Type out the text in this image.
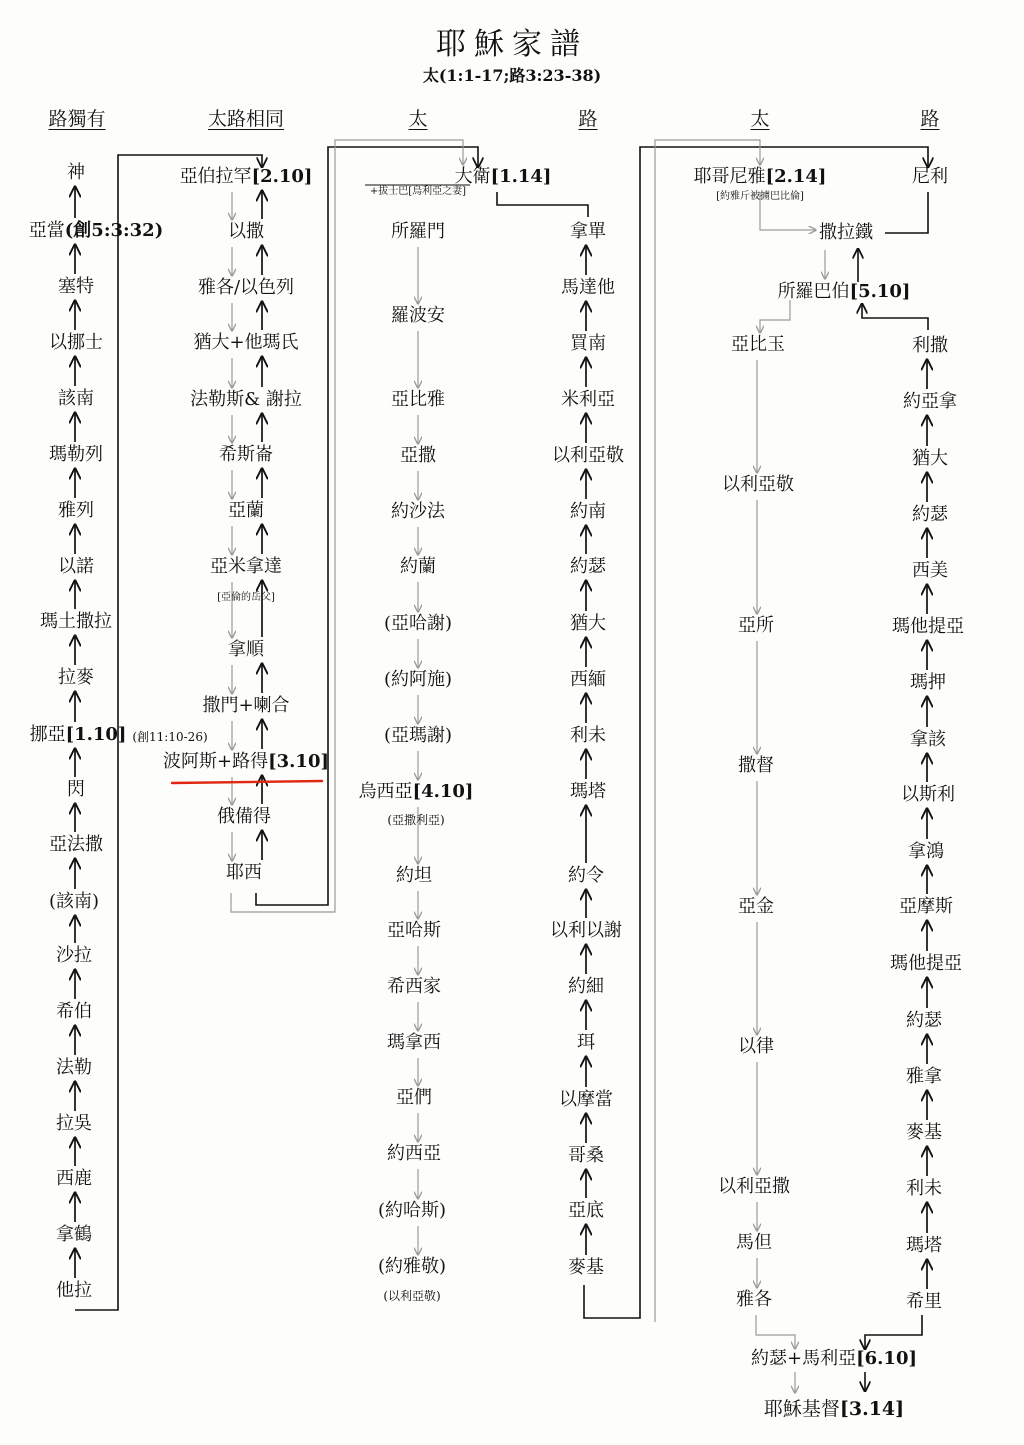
耶穌家譜
太(1:1-17;路3:23-38)
路獨有	太路相同	太	路	太	路
神
亞當(創5:3:32)
塞特
以挪士
該南
瑪勒列
雅列
以諾
瑪土撒拉
拉麥
挪亞[1.10] (創11:10-26)
閃
亞法撒
(該南)
沙拉
希伯
法勒
拉吳
西鹿
拿鶴
他拉
亞伯拉罕[2.10]
以撒
雅各/以色列
猶大+他瑪氏
法勒斯& 謝拉
希斯崙
亞蘭
亞米拿達
[亞倫的岳父]
拿順
撒門+喇合
波阿斯+路得[3.10]
俄備得
耶西
大衛[1.14]
+拔士巴[烏利亞之妻]
所羅門
羅波安
亞比雅
亞撒
約沙法
約蘭
(亞哈謝)
(約阿施)
(亞瑪謝)
烏西亞[4.10]
(亞撒利亞)
約坦
亞哈斯
希西家
瑪拿西
亞們
約西亞
(約哈斯)
(約雅敬)
(以利亞敬)
拿單
馬達他
買南
米利亞
以利亞敬
約南
約瑟
猶大
西緬
利未
瑪塔
約令
以利以謝
約細
珥
以摩當
哥桑
亞底
麥基
耶哥尼雅[2.14]
[約雅斤被擄巴比倫]
亞比玉
以利亞敬
亞所
撒督
亞金
以律
以利亞撒
馬但
雅各
尼利
利撒
約亞拿
猶大
約瑟
西美
瑪他提亞
瑪押
拿該
以斯利
拿鴻
亞摩斯
瑪他提亞
約瑟
雅拿
麥基
利未
瑪塔
希里
撒拉鐵
所羅巴伯[5.10]
約瑟+馬利亞[6.10]
耶穌基督[3.14]
